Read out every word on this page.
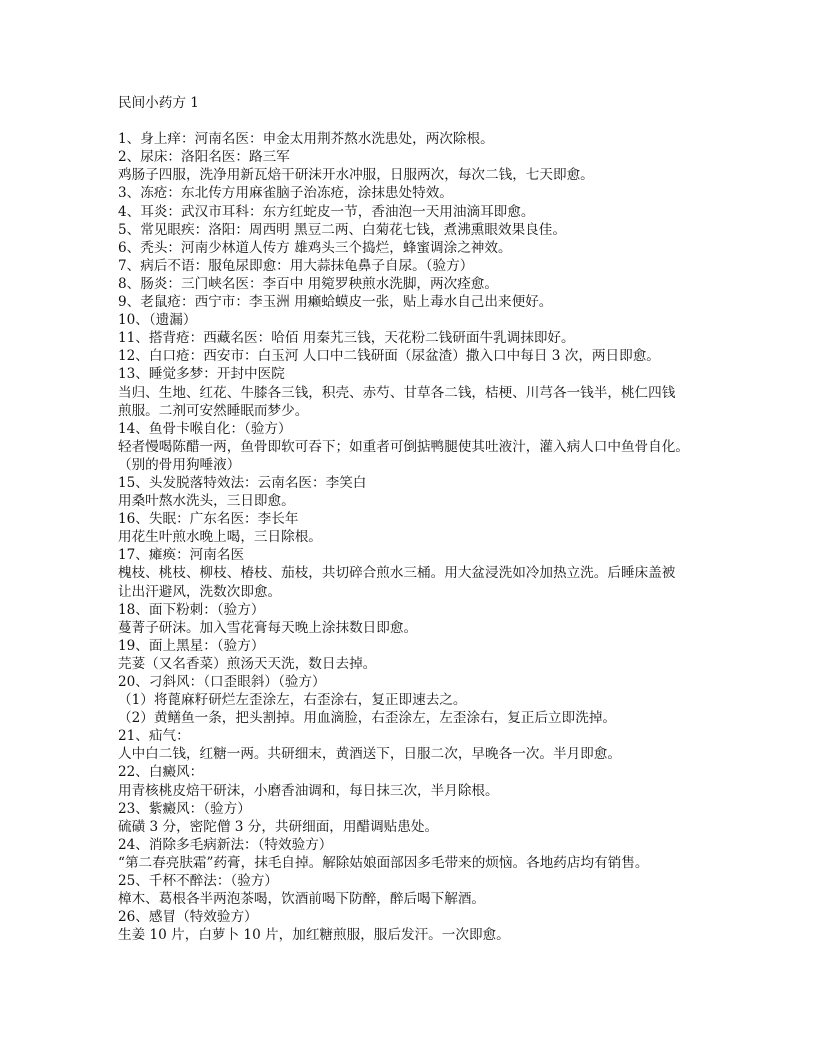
民间小药方 1
1、身上痒：河南名医：申金太用荆芥熬水洗患处，两次除根。
2、尿床：洛阳名医：路三军
鸡肠子四服，洗净用新瓦焙干研沫开水冲服，日服两次，每次二钱，七天即愈。
3、冻疮：东北传方用麻雀脑子治冻疮，涂抹患处特效。
4、耳炎：武汉市耳科：东方红蛇皮一节，香油泡一天用油滴耳即愈。
5、常见眼疾：洛阳：周西明 黑豆二两、白菊花七钱，煮沸熏眼效果良佳。
6、秃头：河南少林道人传方 雄鸡头三个捣烂，蜂蜜调涂之神效。
7、病后不语：服龟尿即愈：用大蒜抹龟鼻子自尿。（验方）
8、肠炎：三门峡名医：李百中 用箢罗秧煎水洗脚，两次痊愈。
9、老鼠疮：西宁市：李玉洲 用癞蛤蟆皮一张，贴上毒水自己出来便好。
10、（遗漏）
11、搭背疮：西藏名医：哈佰 用秦艽三钱，天花粉二钱研面牛乳调抹即好。
12、白口疮：西安市：白玉河 人口中二钱研面（尿盆渣）撒入口中每日 3 次，两日即愈。
13、睡觉多梦：开封中医院
当归、生地、红花、牛膝各三钱，积壳、赤芍、甘草各二钱，桔梗、川芎各一钱半，桃仁四钱
煎服。二剂可安然睡眠而梦少。
14、鱼骨卡喉自化：（验方）
轻者慢喝陈醋一两，鱼骨即软可吞下；如重者可倒掂鸭腿使其吐液汁，灌入病人口中鱼骨自化。
（别的骨用狗唾液）
15、头发脱落特效法：云南名医：李笑白
用桑叶熬水洗头，三日即愈。
16、失眠：广东名医：李长年
用花生叶煎水晚上喝，三日除根。
17、瘫痪：河南名医
槐枝、桃枝、柳枝、椿枝、茄枝，共切碎合煎水三桶。用大盆浸洗如冷加热立洗。后睡床盖被
让出汗避风，洗数次即愈。
18、面下粉刺：（验方）
蔓菁子研沫。加入雪花膏每天晚上涂抹数日即愈。
19、面上黑星：（验方）
芫荽（又名香菜）煎汤天天洗，数日去掉。
20、刁斜风：（口歪眼斜）（验方）
（1）将蓖麻籽研烂左歪涂左，右歪涂右，复正即速去之。
（2）黄鳝鱼一条，把头割掉。用血滴脸，右歪涂左，左歪涂右，复正后立即洗掉。
21、疝气：
人中白二钱，红糖一两。共研细末，黄酒送下，日服二次，早晚各一次。半月即愈。
22、白癜风：
用青核桃皮焙干研沫，小磨香油调和，每日抹三次，半月除根。
23、紫癜风：（验方）
硫磺 3 分，密陀僧 3 分，共研细面，用醋调贴患处。
24、消除多毛病新法：（特效验方）
“第二春亮肤霜”药膏，抹毛自掉。解除姑娘面部因多毛带来的烦恼。各地药店均有销售。
25、千杯不醉法：（验方）
樟木、葛根各半两泡茶喝，饮酒前喝下防醉，醉后喝下解酒。
26、感冒（特效验方）
生姜 10 片，白萝卜 10 片，加红糖煎服，服后发汗。一次即愈。
